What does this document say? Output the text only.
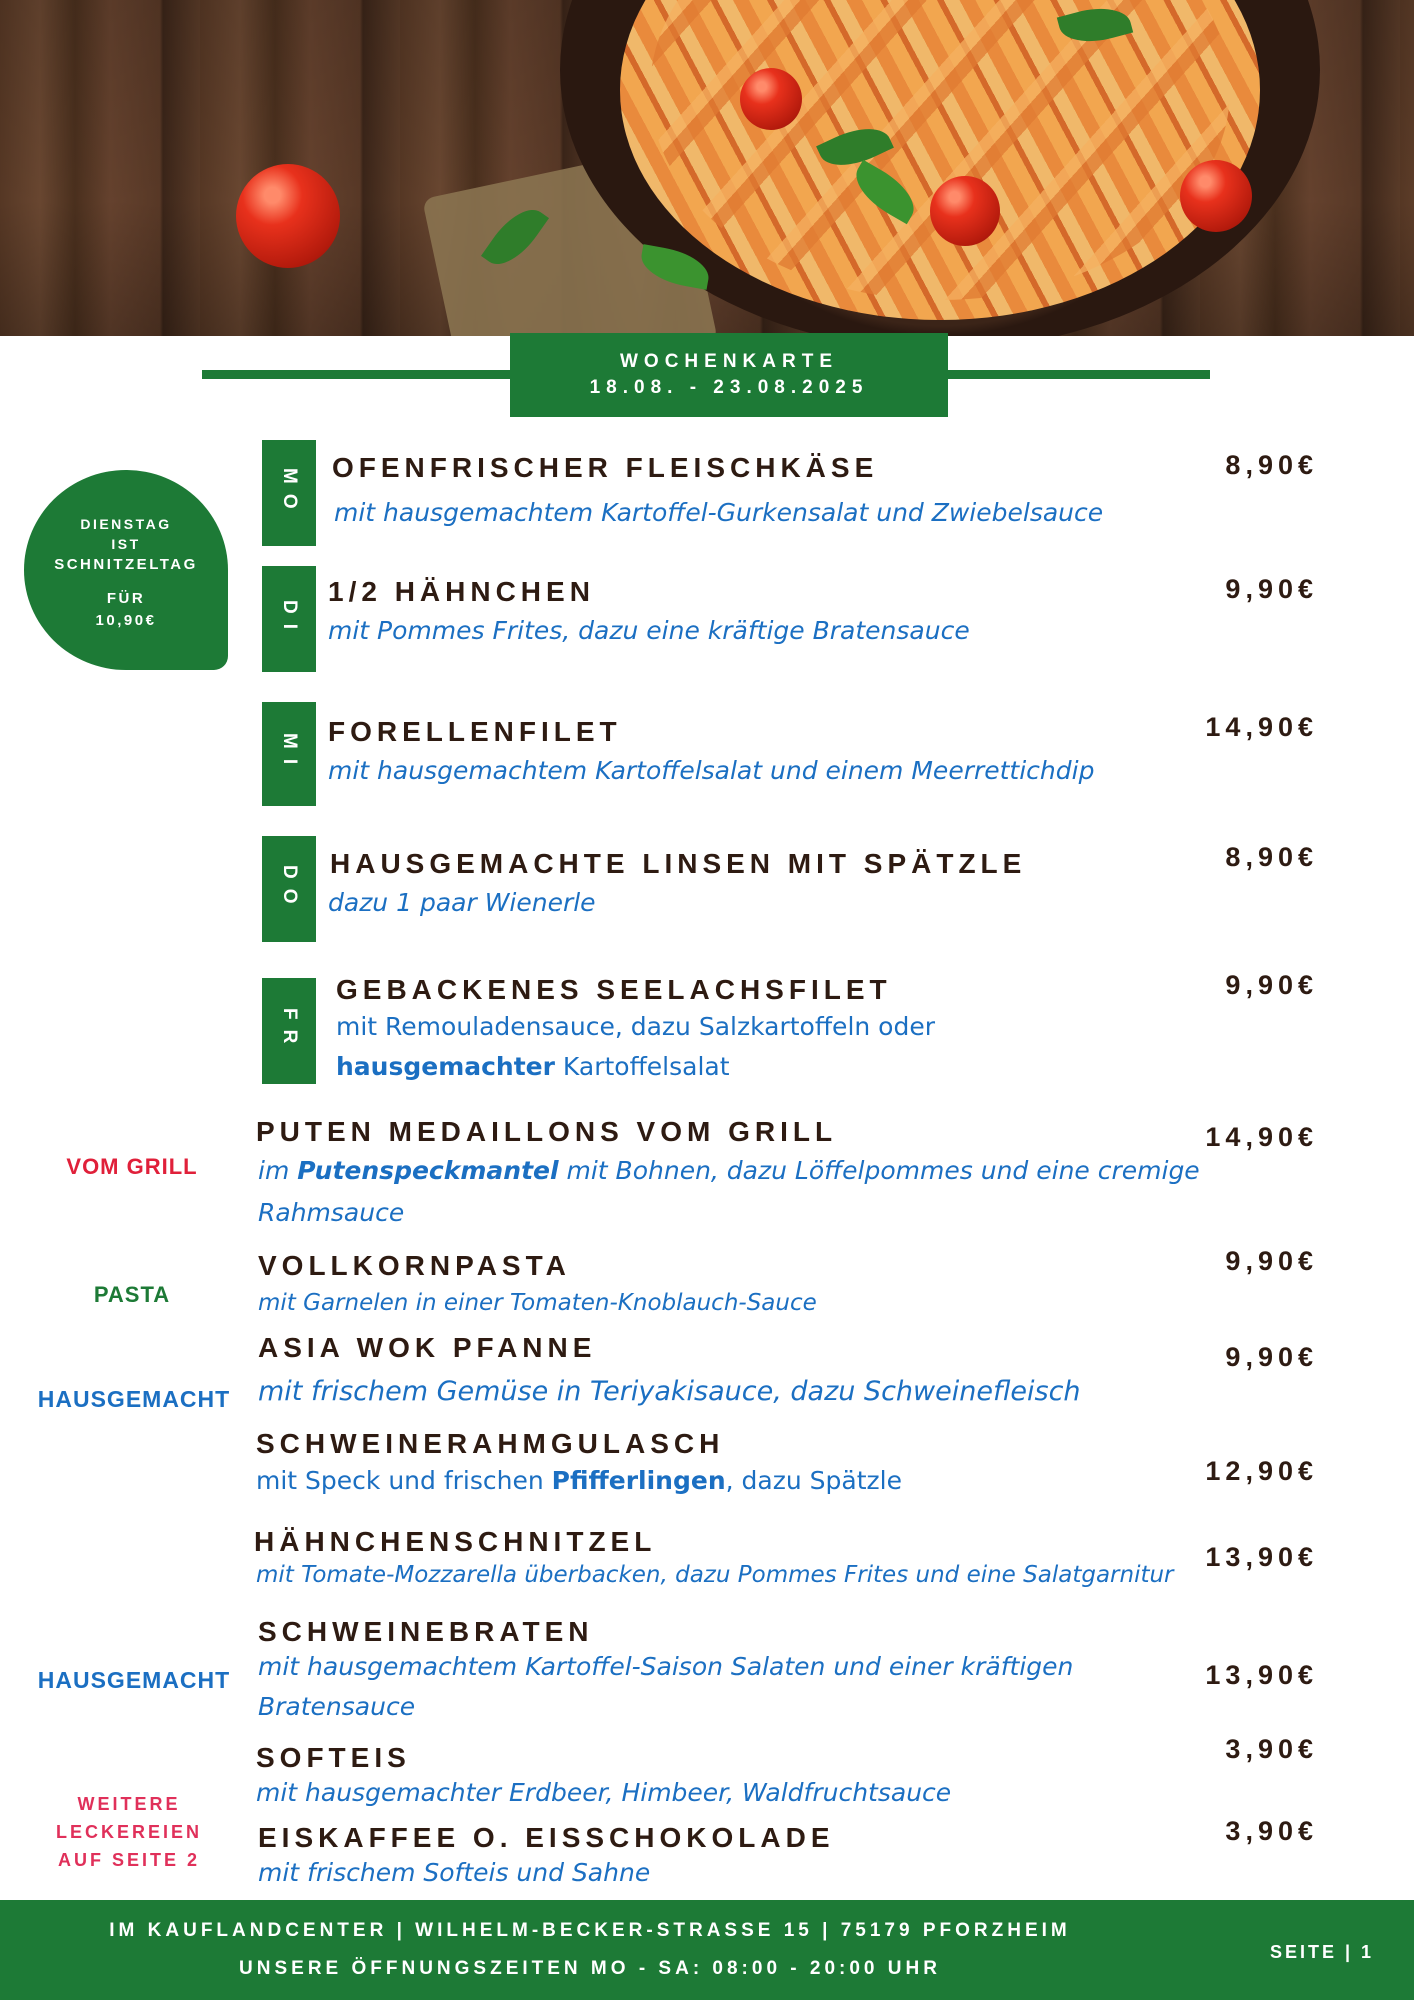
WOCHENKARTE
18.08. - 23.08.2025
DIENSTAG
IST
SCHNITZELTAG
FÜR
10,90€
MO
OFENFRISCHER FLEISCHKÄSE
mit hausgemachtem Kartoffel-Gurkensalat und Zwiebelsauce
8,90€
DI
1/2 HÄHNCHEN
mit Pommes Frites, dazu eine kräftige Bratensauce
9,90€
MI
FORELLENFILET
mit hausgemachtem Kartoffelsalat und einem Meerrettichdip
14,90€
DO
HAUSGEMACHTE LINSEN MIT SPÄTZLE
dazu 1 paar Wienerle
8,90€
FR
GEBACKENES SEELACHSFILET
mit Remouladensauce, dazu Salzkartoffeln oder
hausgemachter Kartoffelsalat
9,90€
VOM GRILL
PUTEN MEDAILLONS VOM GRILL
im Putenspeckmantel mit Bohnen, dazu Löffelpommes und eine cremige
Rahmsauce
14,90€
PASTA
VOLLKORNPASTA
mit Garnelen in einer Tomaten-Knoblauch-Sauce
9,90€
HAUSGEMACHT
ASIA WOK PFANNE
mit frischem Gemüse in Teriyakisauce, dazu Schweinefleisch
9,90€
SCHWEINERAHMGULASCH
mit Speck und frischen Pfifferlingen, dazu Spätzle	12,90€
HÄHNCHENSCHNITZEL
mit Tomate-Mozzarella überbacken, dazu Pommes Frites und eine Salatgarnitur
13,90€
HAUSGEMACHT
SCHWEINEBRATEN
mit hausgemachtem Kartoffel-Saison Salaten und einer kräftigen
Bratensauce
13,90€
SOFTEIS
mit hausgemachter Erdbeer, Himbeer, Waldfruchtsauce
3,90€
WEITERE
LECKEREIEN
AUF SEITE 2
EISKAFFEE O. EISSCHOKOLADE
mit frischem Softeis und Sahne
3,90€
IM KAUFLANDCENTER | WILHELM-BECKER-STRASSE 15 | 75179 PFORZHEIM
UNSERE ÖFFNUNGSZEITEN MO - SA: 08:00 - 20:00 UHR
SEITE | 1
